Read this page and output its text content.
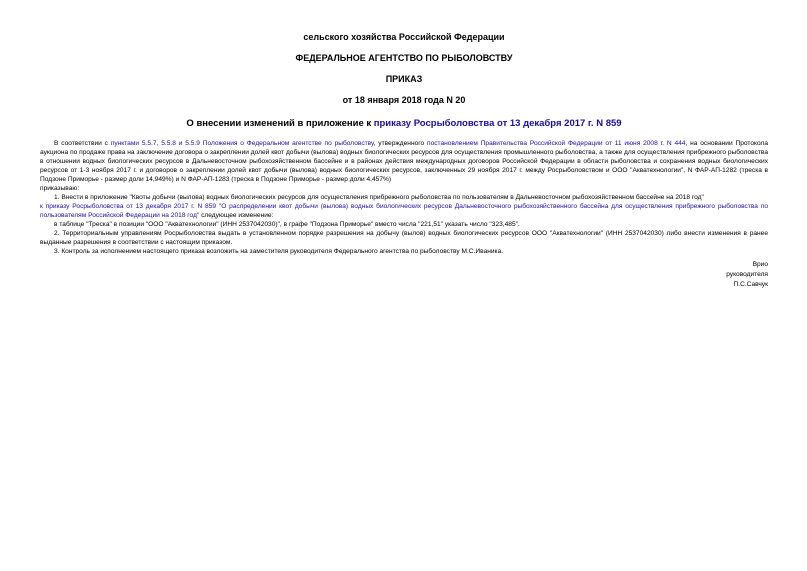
сельского хозяйства Российской Федерации
ФЕДЕРАЛЬНОЕ АГЕНТСТВО ПО РЫБОЛОВСТВУ
ПРИКАЗ
от 18 января 2018 года N 20
О внесении изменений в приложение к приказу Росрыболовства от 13 декабря 2017 г. N 859

В соответствии с пунктами 5.5.7, 5.5.8 и 5.5.9 Положения о Федеральном агентстве по рыболовству, утвержденного постановлением Правительства Российской Федерации от 11 июня 2008 г. N 444, на основании Протокола аукциона по продаже права на заключение договора о закреплении долей квот добычи (вылова) водных биологических ресурсов для осуществления промышленного рыболовства, а также для осуществления прибрежного рыболовства в отношении водных биологических ресурсов в Дальневосточном рыбохозяйственном бассейне и в районах действия международных договоров Российской Федерации в области рыболовства и сохранения водных биологических ресурсов от 1-3 ноября 2017 г. и договоров о закреплении долей квот добычи (вылова) водных биологических ресурсов, заключенных 29 ноября 2017 г. между Росрыболовством и ООО "Акватехнологии", N ФАР-АП-1282 (треска в Подзоне Приморье - размер доли 14,949%) и N ФАР-АП-1283 (треска в Подзоне Приморье - размер доли 4,457%)

приказываю:

1. Внести в приложение "Квоты добычи (вылова) водных биологических ресурсов для осуществления прибрежного рыболовства по пользователям в Дальневосточном рыбохозяйственном бассейне на 2018 год"

к приказу Росрыболовства от 13 декабря 2017 г. N 859 "О распределении квот добычи (вылова) водных биологических ресурсов Дальневосточного рыбохозяйственного бассейна для осуществления прибрежного рыболовства по пользователям Российской Федерации на 2018 год" следующее изменение:

в таблице "Треска" в позиции "ООО "Акватехнологии" (ИНН 2537042030)", в графе "Подзона Приморье" вместо числа "221,51" указать число "323,485".

2. Территориальным управлениям Росрыболовства выдать в установленном порядке разрешения на добычу (вылов) водных биологических ресурсов ООО "Акватехнологии" (ИНН 2537042030) либо внести изменения в ранее выданные разрешения в соответствии с настоящим приказом.

3. Контроль за исполнением настоящего приказа возложить на заместителя руководителя Федерального агентства по рыболовству М.С.Иваника.

Врио
руководителя
П.С.Савчук
